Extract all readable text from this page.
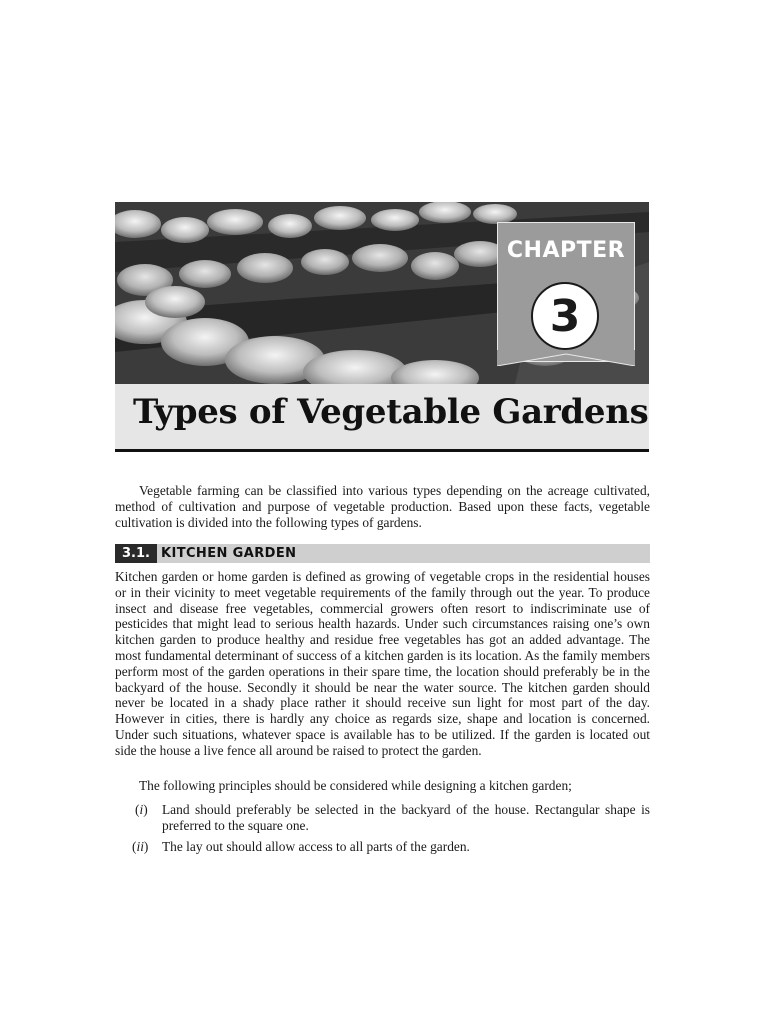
CHAPTER
3
Types of Vegetable Gardens
Vegetable farming can be classified into various types depending on the acreage cultivated, method of cultivation and purpose of vegetable production. Based upon these facts, vegetable cultivation is divided into the following types of gardens.
3.1. KITCHEN GARDEN
Kitchen garden or home garden is defined as growing of vegetable crops in the residential houses or in their vicinity to meet vegetable requirements of the family through out the year. To produce insect and disease free vegetables, commercial growers often resort to indiscriminate use of pesticides that might lead to serious health hazards. Under such circumstances raising one’s own kitchen garden to produce healthy and residue free vegetables has got an added advantage. The most fundamental determinant of success of a kitchen garden is its location. As the family members perform most of the garden operations in their spare time, the location should preferably be in the backyard of the house. Secondly it should be near the water source. The kitchen garden should never be located in a shady place rather it should receive sun light for most part of the day. However in cities, there is hardly any choice as regards size, shape and location is concerned. Under such situations, whatever space is available has to be utilized. If the garden is located out side the house a live fence all around be raised to protect the garden.
The following principles should be considered while designing a kitchen garden;
(i)	Land should preferably be selected in the backyard of the house. Rectangular shape is preferred to the square one.
(ii)	The lay out should allow access to all parts of the garden.
